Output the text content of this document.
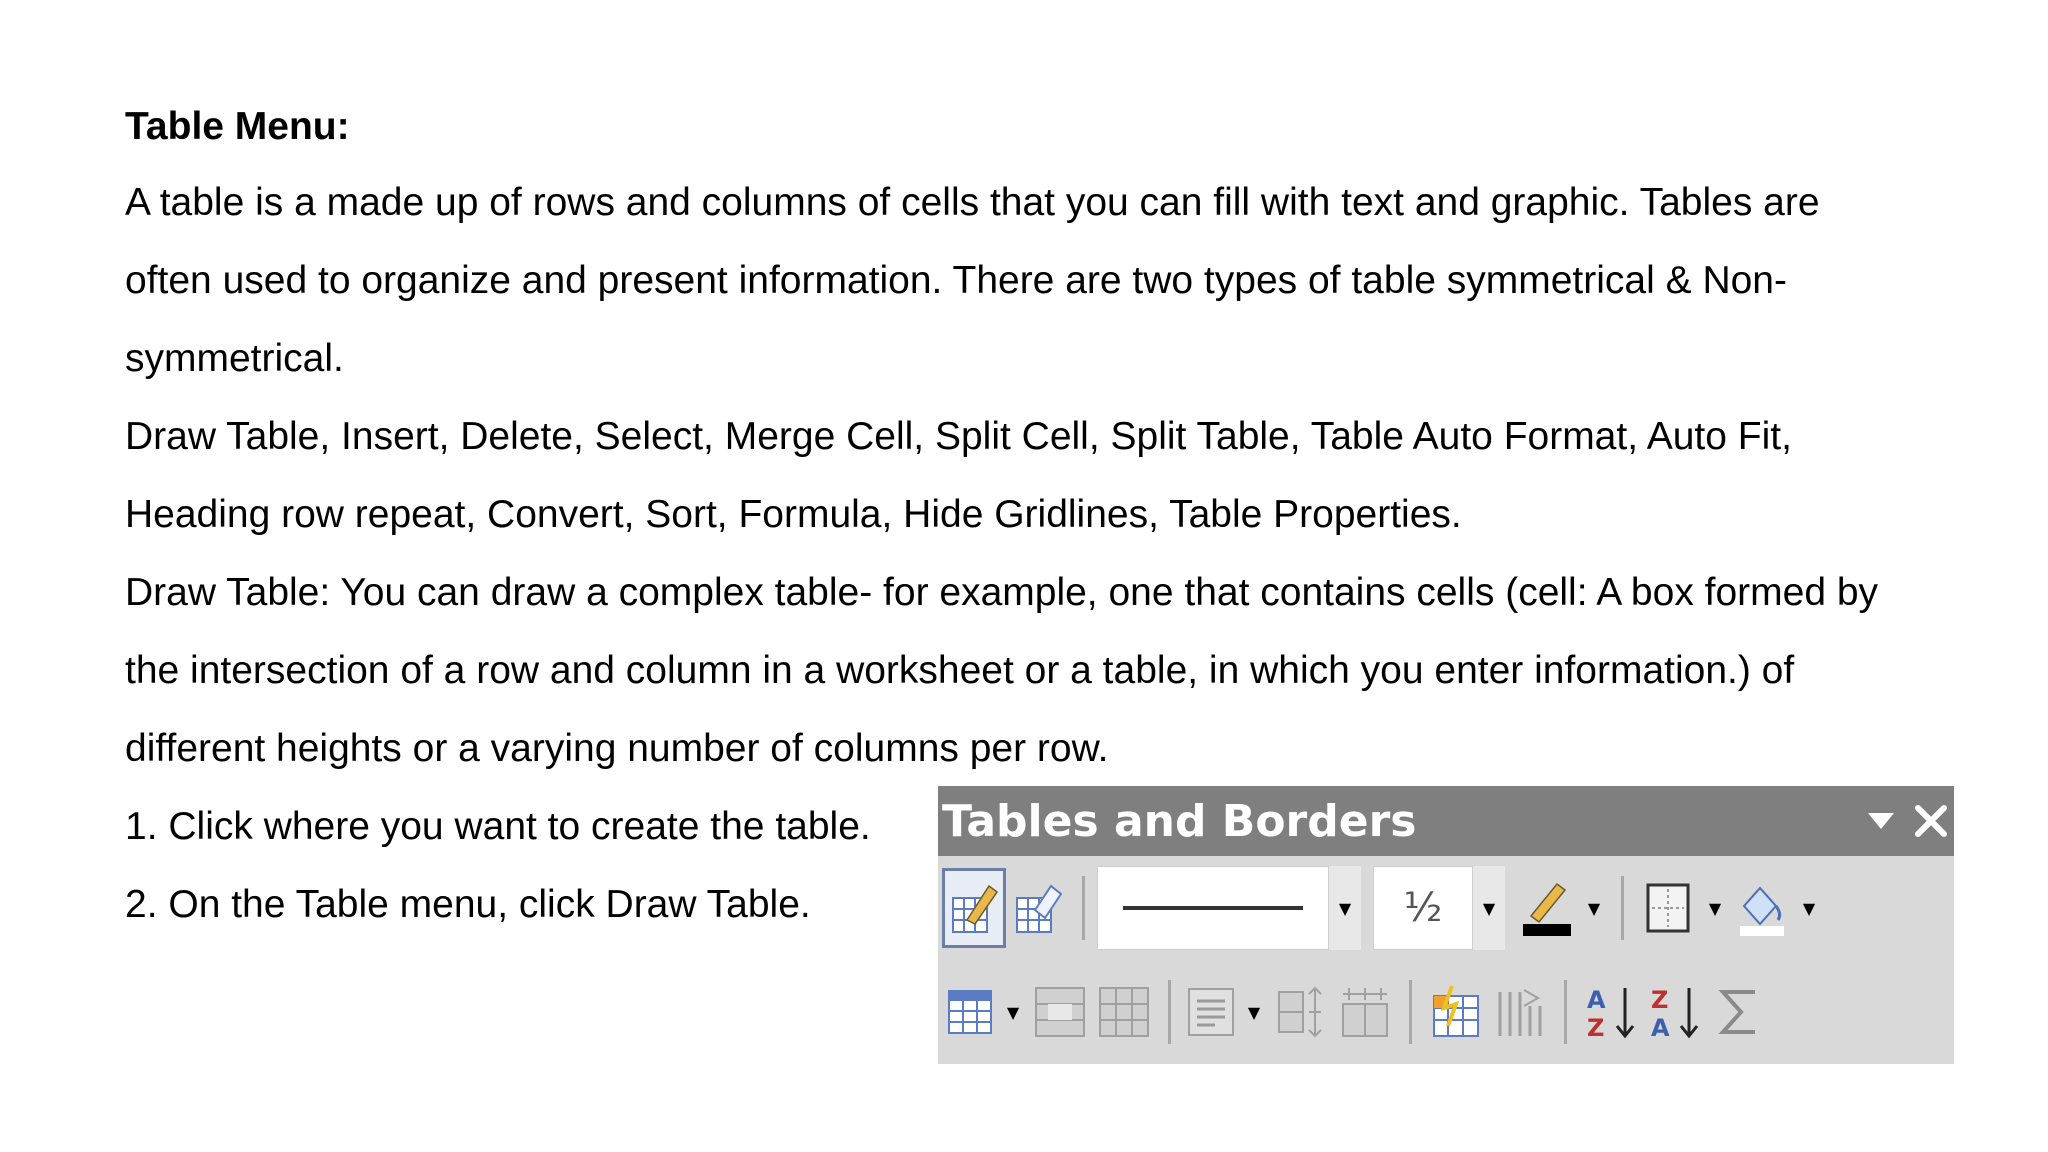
Table Menu:

A table is a made up of rows and columns of cells that you can fill with text and graphic. Tables are

often used to organize and present information. There are two types of table symmetrical & Non-

symmetrical.

Draw Table, Insert, Delete, Select, Merge Cell, Split Cell, Split Table, Table Auto Format, Auto Fit,

Heading row repeat, Convert, Sort, Formula, Hide Gridlines, Table Properties.

Draw Table: You can draw a complex table- for example, one that contains cells (cell: A box formed by

the intersection of a row and column in a worksheet or a table, in which you enter information.) of

different heights or a varying number of columns per row.

1. Click where you want to create the table.

2. On the Table menu, click Draw Table.

Tables and Borders
▼ ½	▼	▼	▼	▼
▼	▼	A
Z
Z
A
